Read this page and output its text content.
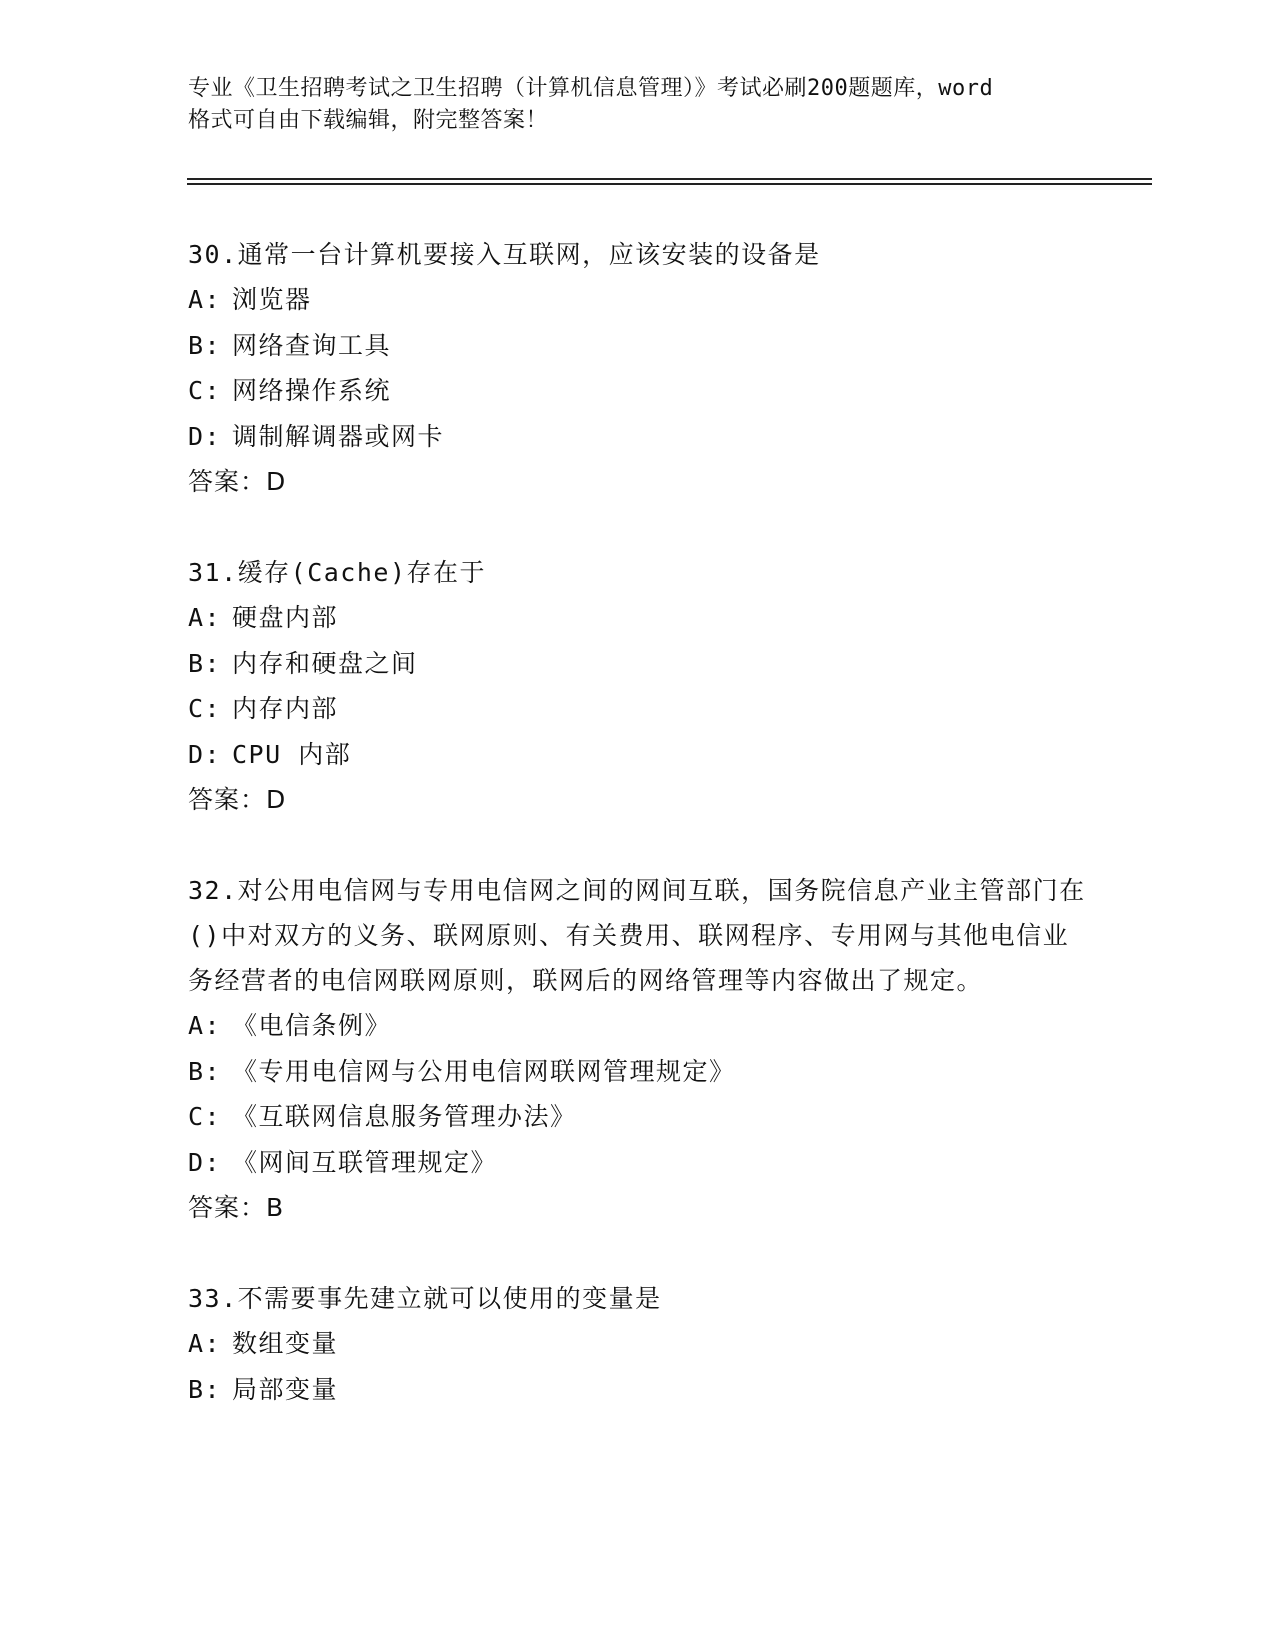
专业《卫生招聘考试之卫生招聘（计算机信息管理）》考试必刷200题题库，word
格式可自由下载编辑，附完整答案！
30.通常一台计算机要接入互联网，应该安装的设备是
A: 浏览器
B: 网络查询工具
C: 网络操作系统
D: 调制解调器或网卡
答案：D
31.缓存(Cache)存在于
A: 硬盘内部
B: 内存和硬盘之间
C: 内存内部
D: CPU 内部
答案：D
32.对公用电信网与专用电信网之间的网间互联，国务院信息产业主管部门在()中对双方的义务、联网原则、有关费用、联网程序、专用网与其他电信业务经营者的电信网联网原则，联网后的网络管理等内容做出了规定。
A: 《电信条例》
B: 《专用电信网与公用电信网联网管理规定》
C: 《互联网信息服务管理办法》
D: 《网间互联管理规定》
答案：B
33.不需要事先建立就可以使用的变量是
A: 数组变量
B: 局部变量
